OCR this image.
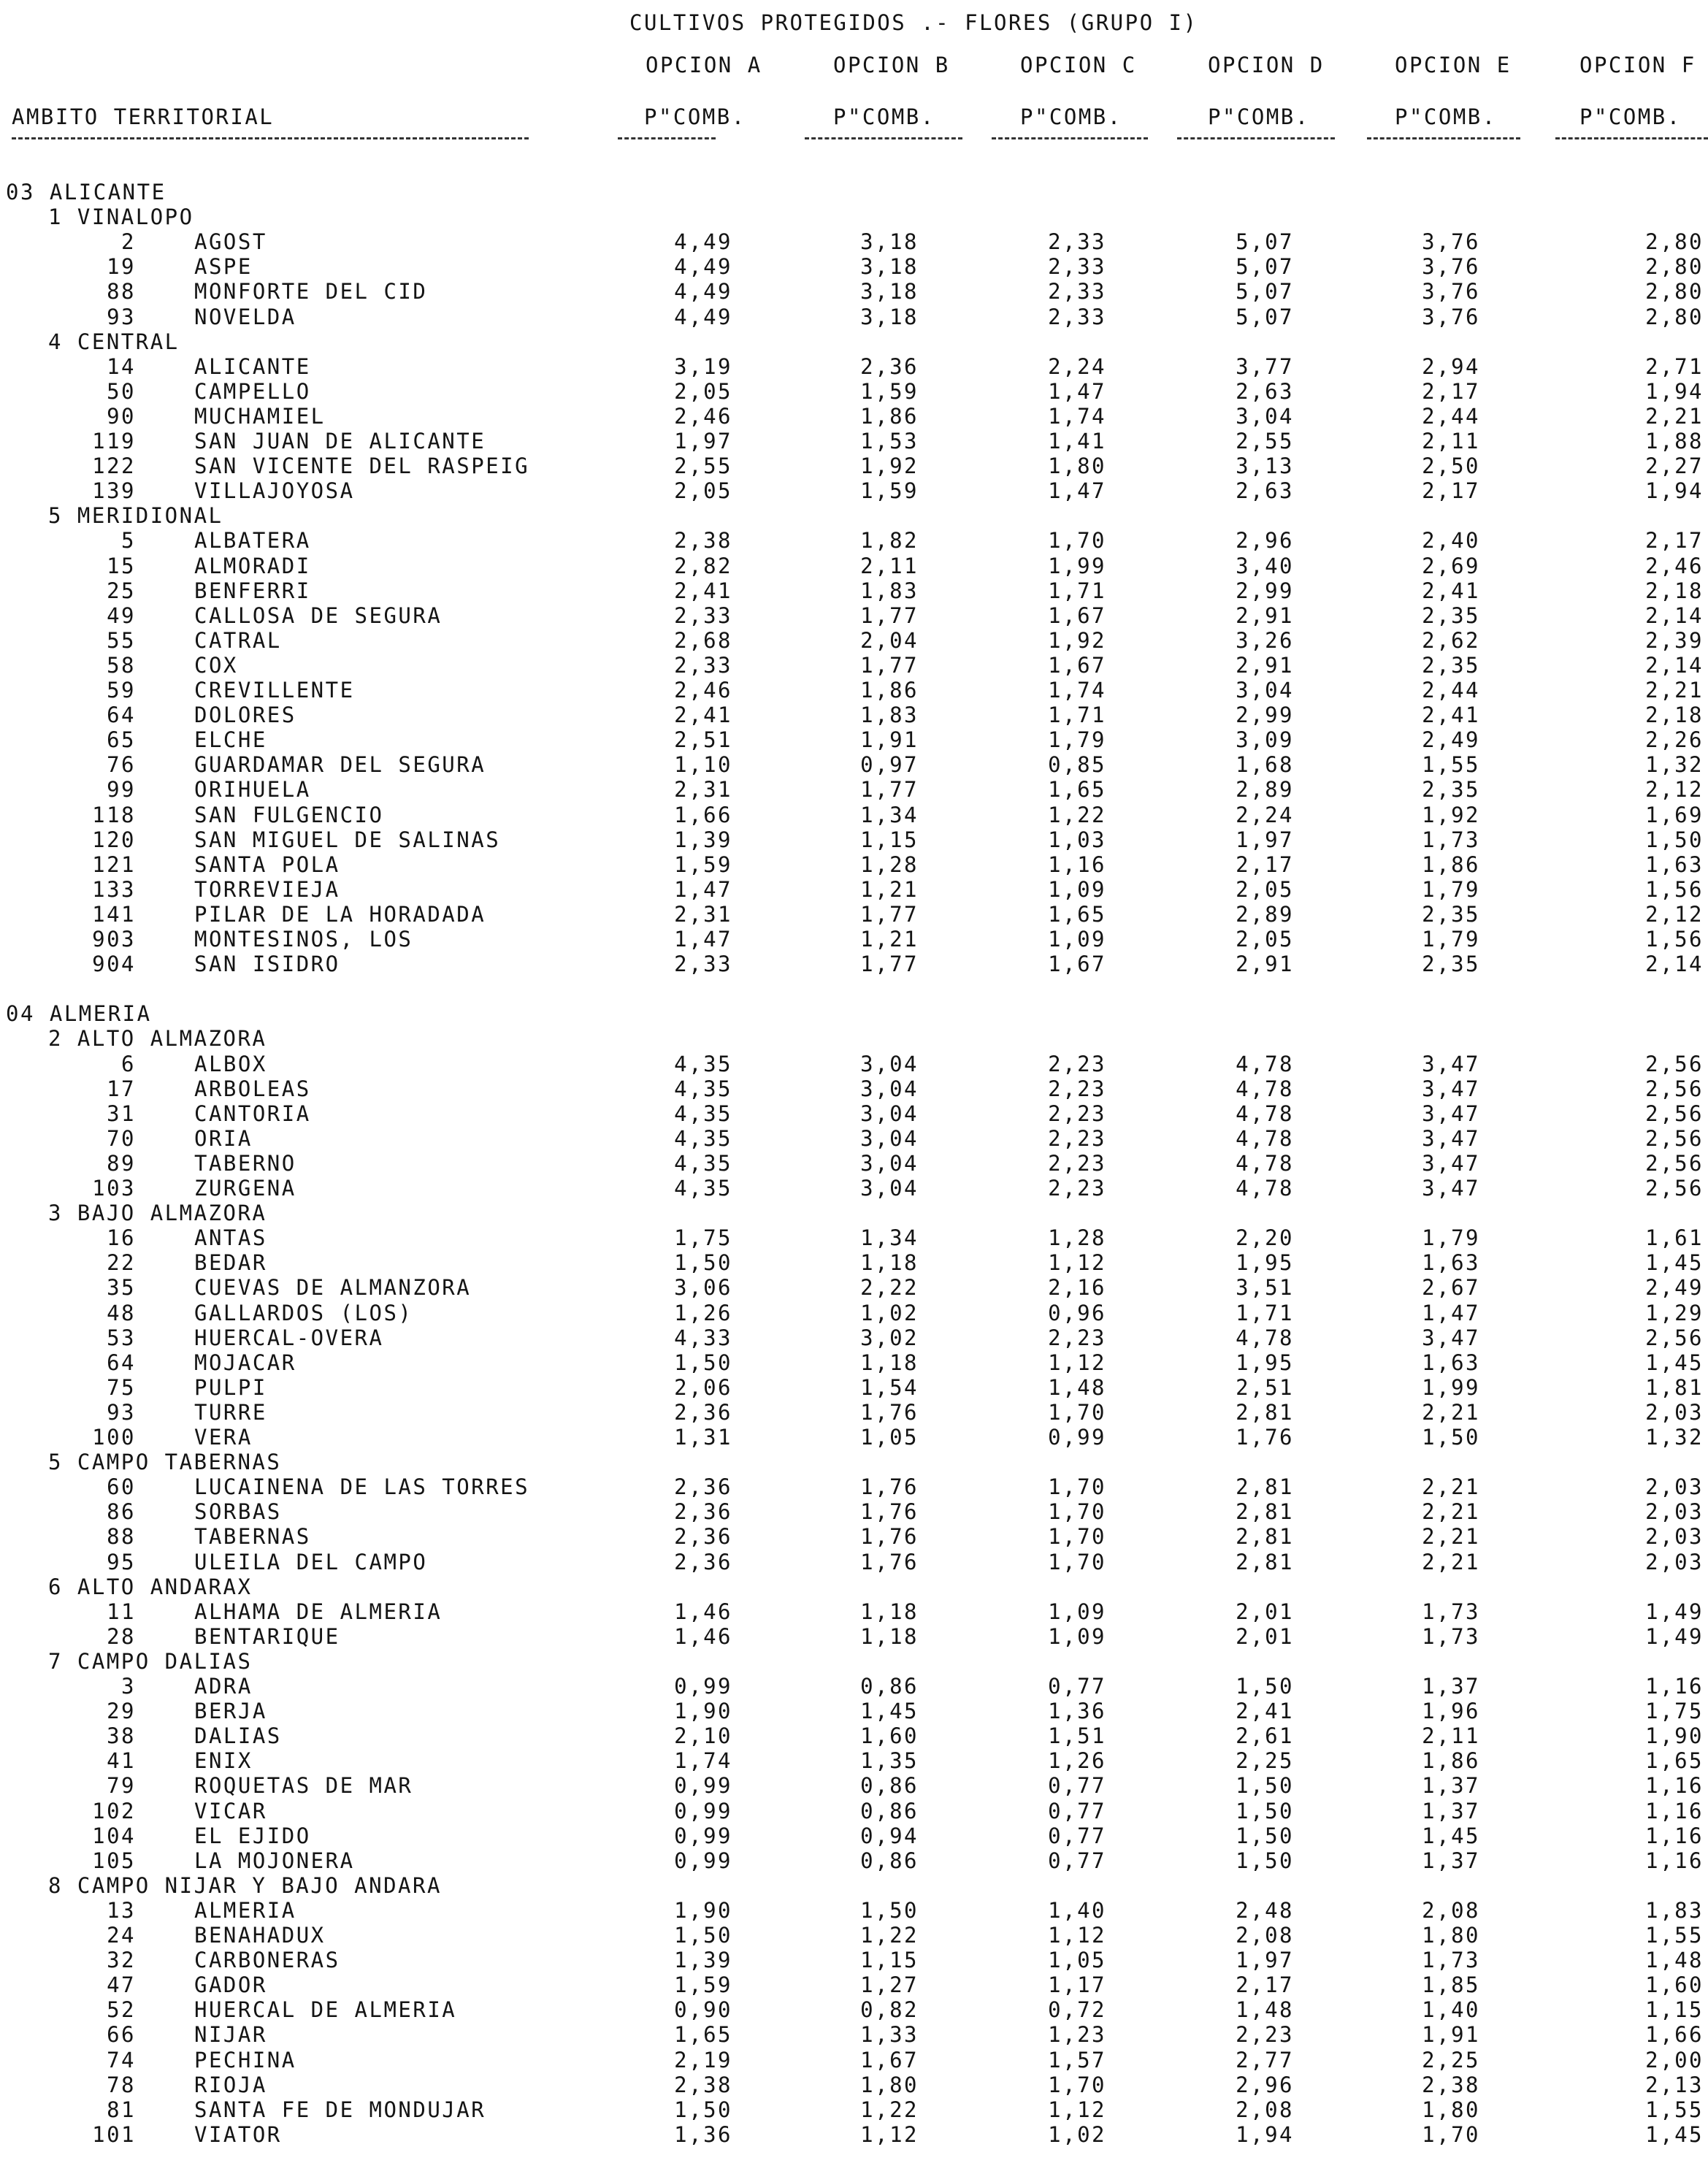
CULTIVOS PROTEGIDOS .- FLORES (GRUPO I)
OPCION A	OPCION B	OPCION C	OPCION D	OPCION E	OPCION F
AMBITO TERRITORIAL	P"COMB.	P"COMB.	P"COMB.	P"COMB.	P"COMB.	P"COMB.
03 ALICANTE
1 VINALOPO
2	AGOST	4,49	3,18	2,33	5,07	3,76	2,80
19	ASPE	4,49	3,18	2,33	5,07	3,76	2,80
88	MONFORTE DEL CID	4,49	3,18	2,33	5,07	3,76	2,80
93	NOVELDA	4,49	3,18	2,33	5,07	3,76	2,80
4 CENTRAL
14	ALICANTE	3,19	2,36	2,24	3,77	2,94	2,71
50	CAMPELLO	2,05	1,59	1,47	2,63	2,17	1,94
90	MUCHAMIEL	2,46	1,86	1,74	3,04	2,44	2,21
119	SAN JUAN DE ALICANTE	1,97	1,53	1,41	2,55	2,11	1,88
122	SAN VICENTE DEL RASPEIG	2,55	1,92	1,80	3,13	2,50	2,27
139	VILLAJOYOSA	2,05	1,59	1,47	2,63	2,17	1,94
5 MERIDIONAL
5	ALBATERA	2,38	1,82	1,70	2,96	2,40	2,17
15	ALMORADI	2,82	2,11	1,99	3,40	2,69	2,46
25	BENFERRI	2,41	1,83	1,71	2,99	2,41	2,18
49	CALLOSA DE SEGURA	2,33	1,77	1,67	2,91	2,35	2,14
55	CATRAL	2,68	2,04	1,92	3,26	2,62	2,39
58	COX	2,33	1,77	1,67	2,91	2,35	2,14
59	CREVILLENTE	2,46	1,86	1,74	3,04	2,44	2,21
64	DOLORES	2,41	1,83	1,71	2,99	2,41	2,18
65	ELCHE	2,51	1,91	1,79	3,09	2,49	2,26
76	GUARDAMAR DEL SEGURA	1,10	0,97	0,85	1,68	1,55	1,32
99	ORIHUELA	2,31	1,77	1,65	2,89	2,35	2,12
118	SAN FULGENCIO	1,66	1,34	1,22	2,24	1,92	1,69
120	SAN MIGUEL DE SALINAS	1,39	1,15	1,03	1,97	1,73	1,50
121	SANTA POLA	1,59	1,28	1,16	2,17	1,86	1,63
133	TORREVIEJA	1,47	1,21	1,09	2,05	1,79	1,56
141	PILAR DE LA HORADADA	2,31	1,77	1,65	2,89	2,35	2,12
903	MONTESINOS, LOS	1,47	1,21	1,09	2,05	1,79	1,56
904	SAN ISIDRO	2,33	1,77	1,67	2,91	2,35	2,14
04 ALMERIA
2 ALTO ALMAZORA
6	ALBOX	4,35	3,04	2,23	4,78	3,47	2,56
17	ARBOLEAS	4,35	3,04	2,23	4,78	3,47	2,56
31	CANTORIA	4,35	3,04	2,23	4,78	3,47	2,56
70	ORIA	4,35	3,04	2,23	4,78	3,47	2,56
89	TABERNO	4,35	3,04	2,23	4,78	3,47	2,56
103	ZURGENA	4,35	3,04	2,23	4,78	3,47	2,56
3 BAJO ALMAZORA
16	ANTAS	1,75	1,34	1,28	2,20	1,79	1,61
22	BEDAR	1,50	1,18	1,12	1,95	1,63	1,45
35	CUEVAS DE ALMANZORA	3,06	2,22	2,16	3,51	2,67	2,49
48	GALLARDOS (LOS)	1,26	1,02	0,96	1,71	1,47	1,29
53	HUERCAL-OVERA	4,33	3,02	2,23	4,78	3,47	2,56
64	MOJACAR	1,50	1,18	1,12	1,95	1,63	1,45
75	PULPI	2,06	1,54	1,48	2,51	1,99	1,81
93	TURRE	2,36	1,76	1,70	2,81	2,21	2,03
100	VERA	1,31	1,05	0,99	1,76	1,50	1,32
5 CAMPO TABERNAS
60	LUCAINENA DE LAS TORRES	2,36	1,76	1,70	2,81	2,21	2,03
86	SORBAS	2,36	1,76	1,70	2,81	2,21	2,03
88	TABERNAS	2,36	1,76	1,70	2,81	2,21	2,03
95	ULEILA DEL CAMPO	2,36	1,76	1,70	2,81	2,21	2,03
6 ALTO ANDARAX
11	ALHAMA DE ALMERIA	1,46	1,18	1,09	2,01	1,73	1,49
28	BENTARIQUE	1,46	1,18	1,09	2,01	1,73	1,49
7 CAMPO DALIAS
3	ADRA	0,99	0,86	0,77	1,50	1,37	1,16
29	BERJA	1,90	1,45	1,36	2,41	1,96	1,75
38	DALIAS	2,10	1,60	1,51	2,61	2,11	1,90
41	ENIX	1,74	1,35	1,26	2,25	1,86	1,65
79	ROQUETAS DE MAR	0,99	0,86	0,77	1,50	1,37	1,16
102	VICAR	0,99	0,86	0,77	1,50	1,37	1,16
104	EL EJIDO	0,99	0,94	0,77	1,50	1,45	1,16
105	LA MOJONERA	0,99	0,86	0,77	1,50	1,37	1,16
8 CAMPO NIJAR Y BAJO ANDARA
13	ALMERIA	1,90	1,50	1,40	2,48	2,08	1,83
24	BENAHADUX	1,50	1,22	1,12	2,08	1,80	1,55
32	CARBONERAS	1,39	1,15	1,05	1,97	1,73	1,48
47	GADOR	1,59	1,27	1,17	2,17	1,85	1,60
52	HUERCAL DE ALMERIA	0,90	0,82	0,72	1,48	1,40	1,15
66	NIJAR	1,65	1,33	1,23	2,23	1,91	1,66
74	PECHINA	2,19	1,67	1,57	2,77	2,25	2,00
78	RIOJA	2,38	1,80	1,70	2,96	2,38	2,13
81	SANTA FE DE MONDUJAR	1,50	1,22	1,12	2,08	1,80	1,55
101	VIATOR	1,36	1,12	1,02	1,94	1,70	1,45
